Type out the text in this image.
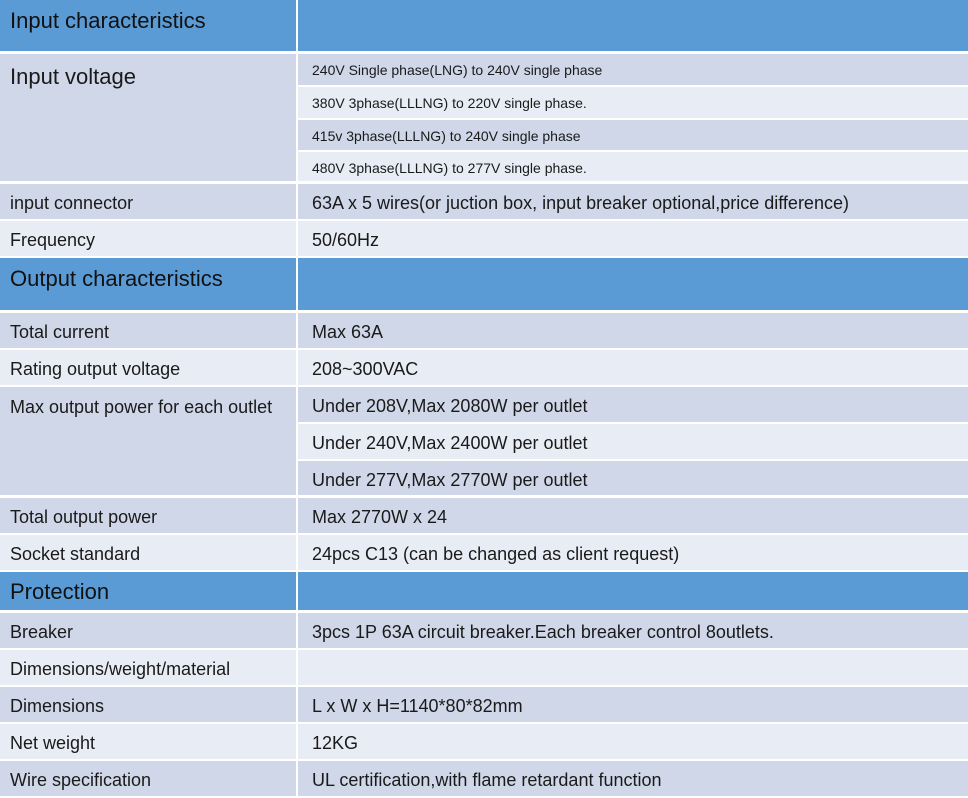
Input characteristics
Input voltage	240V Single phase(LNG) to 240V single phase
380V 3phase(LLLNG) to 220V single phase.
415v 3phase(LLLNG) to 240V single phase
480V 3phase(LLLNG) to 277V single phase.
input connector	63A x 5 wires(or juction box, input breaker optional,price difference)
Frequency	50/60Hz
Output characteristics
Total current	Max 63A
Rating output voltage	208~300VAC
Max output power for each outlet	Under 208V,Max 2080W per outlet
Under 240V,Max 2400W per outlet
Under 277V,Max 2770W per outlet
Total output power	Max 2770W x 24
Socket standard	24pcs C13 (can be changed as client request)
Protection
Breaker	3pcs 1P 63A circuit breaker.Each breaker control 8outlets.
Dimensions/weight/material
Dimensions	L x W x H=1140*80*82mm
Net weight	12KG
Wire specification	UL certification,with flame retardant function
